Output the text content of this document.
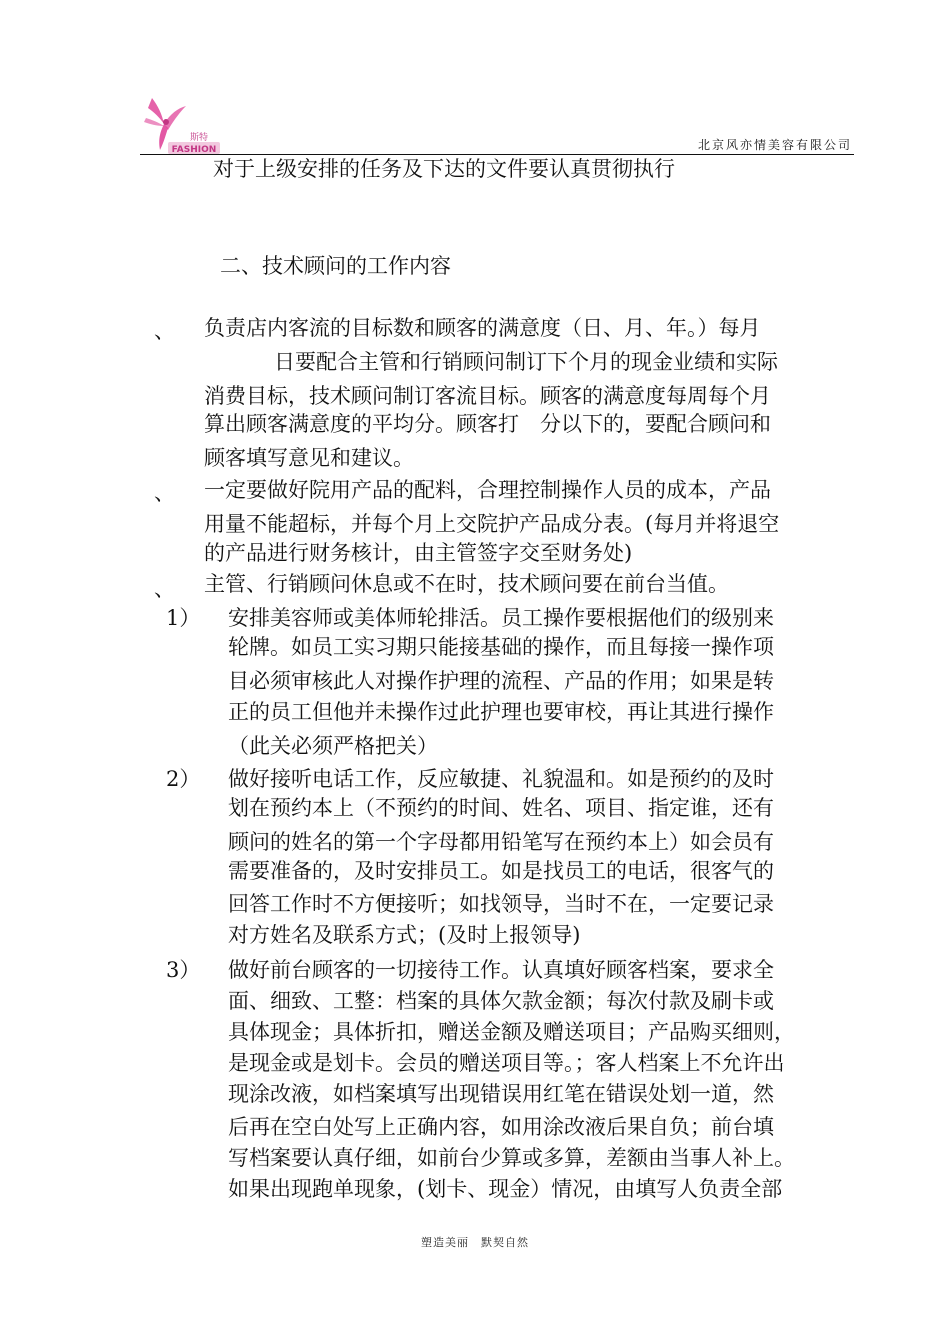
FASHION
斯特	北京风亦情美容有限公司
对于上级安排的任务及下达的文件要认真贯彻执行
二、技术顾问的工作内容
、 负责店内客流的目标数和顾客的满意度（日、月、年。）每月
日要配合主管和行销顾问制订下个月的现金业绩和实际
消费目标，技术顾问制订客流目标。顾客的满意度每周每个月
算出顾客满意度的平均分。顾客打　分以下的，要配合顾问和
顾客填写意见和建议。
、 一定要做好院用产品的配料，合理控制操作人员的成本，产品
用量不能超标，并每个月上交院护产品成分表。(每月并将退空
的产品进行财务核计，由主管签字交至财务处)
、 主管、行销顾问休息或不在时，技术顾问要在前台当值。
1） 安排美容师或美体师轮排活。员工操作要根据他们的级别来
轮牌。如员工实习期只能接基础的操作，而且每接一操作项
目必须审核此人对操作护理的流程、产品的作用；如果是转
正的员工但他并未操作过此护理也要审校，再让其进行操作
（此关必须严格把关）
2） 做好接听电话工作，反应敏捷、礼貌温和。如是预约的及时
划在预约本上（不预约的时间、姓名、项目、指定谁，还有
顾问的姓名的第一个字母都用铅笔写在预约本上）如会员有
需要准备的，及时安排员工。如是找员工的电话，很客气的
回答工作时不方便接听；如找领导，当时不在，一定要记录
对方姓名及联系方式；(及时上报领导)
3） 做好前台顾客的一切接待工作。认真填好顾客档案，要求全
面、细致、工整：档案的具体欠款金额；每次付款及刷卡或
具体现金；具体折扣，赠送金额及赠送项目；产品购买细则，
是现金或是划卡。会员的赠送项目等。；客人档案上不允许出
现涂改液，如档案填写出现错误用红笔在错误处划一道，然
后再在空白处写上正确内容，如用涂改液后果自负；前台填
写档案要认真仔细，如前台少算或多算，差额由当事人补上。
如果出现跑单现象，(划卡、现金）情况，由填写人负责全部
塑造美丽　默契自然
